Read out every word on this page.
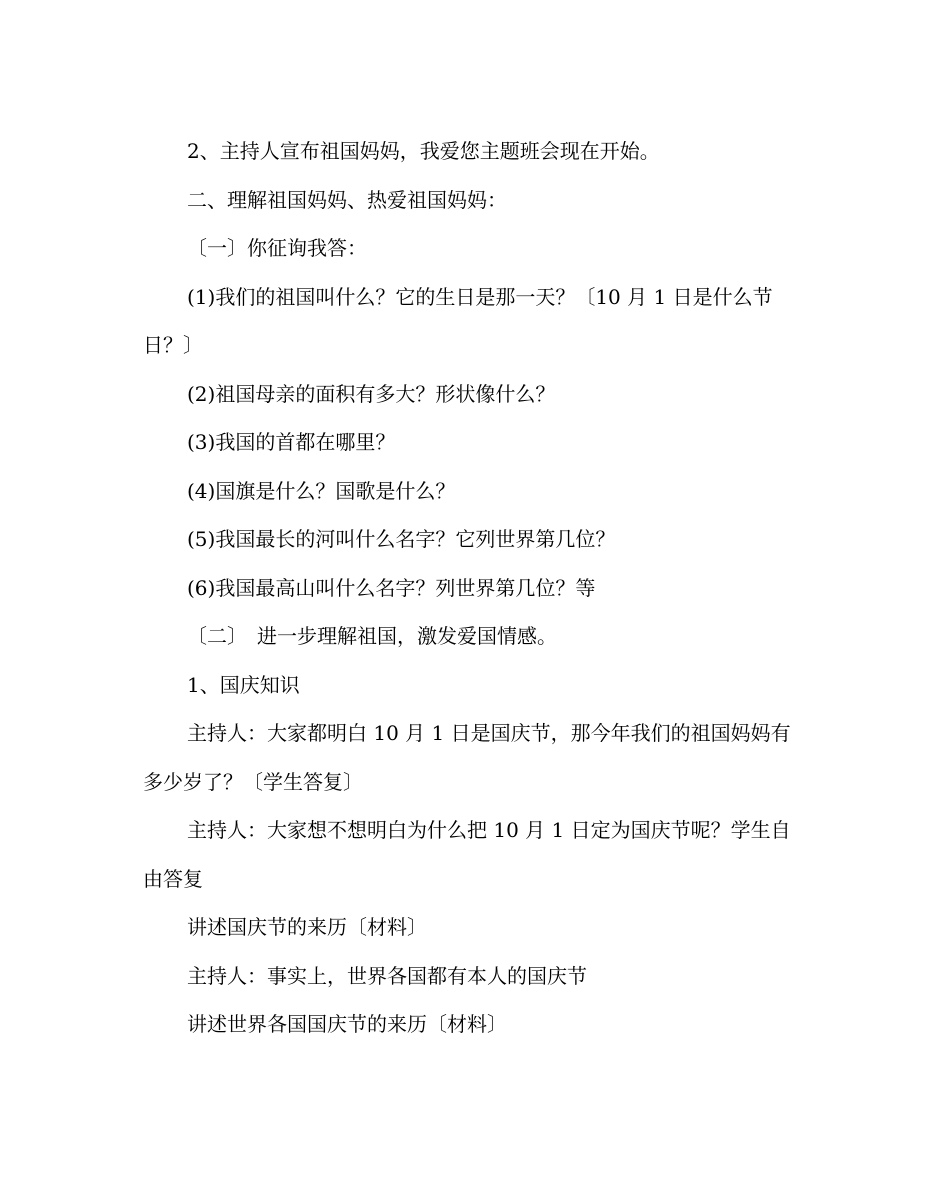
2、主持人宣布祖国妈妈，我爱您主题班会现在开始。

二、理解祖国妈妈、热爱祖国妈妈：

〔一〕你征询我答：

(1)我们的祖国叫什么？它的生日是那一天？〔10 月 1 日是什么节日？〕

(2)祖国母亲的面积有多大？形状像什么？

(3)我国的首都在哪里？

(4)国旗是什么？国歌是什么？

(5)我国最长的河叫什么名字？它列世界第几位？

(6)我国最高山叫什么名字？列世界第几位？等

〔二〕　进一步理解祖国，激发爱国情感。

1、国庆知识

主持人：大家都明白 10 月 1 日是国庆节，那今年我们的祖国妈妈有多少岁了？〔学生答复〕

主持人：大家想不想明白为什么把 10 月 1 日定为国庆节呢？学生自由答复

讲述国庆节的来历〔材料〕

主持人：事实上，世界各国都有本人的国庆节

讲述世界各国国庆节的来历〔材料〕
